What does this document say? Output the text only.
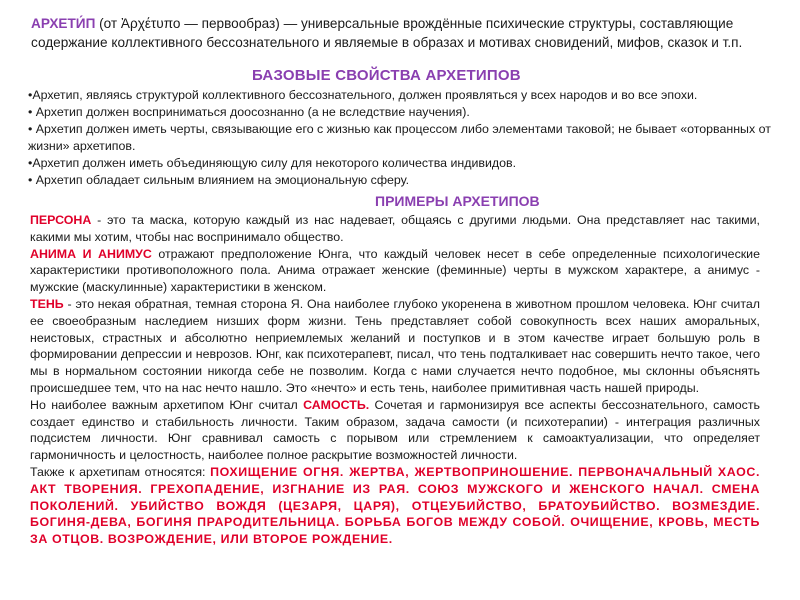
АРХЕТИ́П (от Ἀρχέτυπο — первообраз) — универсальные врождённые психические структуры, составляющие содержание коллективного бессознательного и являемые в образах и мотивах сновидений, мифов, сказок и т.п.
БАЗОВЫЕ СВОЙСТВА АРХЕТИПОВ
•Архетип, являясь структурой коллективного бессознательного, должен проявляться у всех народов и во все эпохи.
• Архетип должен восприниматься доосознанно (а не вследствие научения).
• Архетип должен иметь черты, связывающие его с жизнью как процессом либо элементами таковой; не бывает «оторванных от жизни» архетипов.
•Архетип должен иметь объединяющую силу для некоторого количества индивидов.
• Архетип обладает сильным влиянием на эмоциональную сферу.
ПРИМЕРЫ АРХЕТИПОВ

ПЕРСОНА - это та маска, которую каждый из нас надевает, общаясь с другими людьми. Она представляет нас такими, какими мы хотим, чтобы нас воспринимало общество.

АНИМА И АНИМУС отражают предположение Юнга, что каждый человек несет в себе определенные психологические характеристики противоположного пола. Анима отражает женские (феминные) черты в мужском характере, а анимус - мужские (маскулинные) характеристики в женском.

ТЕНЬ - это некая обратная, темная сторона Я. Она наиболее глубоко укоренена в животном прошлом человека. Юнг считал ее своеобразным наследием низших форм жизни. Тень представляет собой совокупность всех наших аморальных, неистовых, страстных и абсолютно неприемлемых желаний и поступков и в этом качестве играет большую роль в формировании депрессии и неврозов. Юнг, как психотерапевт, писал, что тень подталкивает нас совершить нечто такое, чего мы в нормальном состоянии никогда себе не позволим. Когда с нами случается нечто подобное, мы склонны объяснять происшедшее тем, что на нас нечто нашло. Это «нечто» и есть тень, наиболее примитивная часть нашей природы.

Но наиболее важным архетипом Юнг считал САМОСТЬ. Сочетая и гармонизируя все аспекты бессознательного, самость создает единство и стабильность личности. Таким образом, задача самости (и психотерапии) - интеграция различных подсистем личности. Юнг сравнивал самость с порывом или стремлением к самоактуализации, что определяет гармоничность и целостность, наиболее полное раскрытие возможностей личности.

Также к архетипам относятся: ПОХИЩЕНИЕ ОГНЯ. ЖЕРТВА, ЖЕРТВОПРИНОШЕНИЕ. ПЕРВОНАЧАЛЬНЫЙ ХАОС. АКТ ТВОРЕНИЯ. ГРЕХОПАДЕНИЕ, ИЗГНАНИЕ ИЗ РАЯ. СОЮЗ МУЖСКОГО И ЖЕНСКОГО НАЧАЛ. СМЕНА ПОКОЛЕНИЙ. УБИЙСТВО ВОЖДЯ (ЦЕЗАРЯ, ЦАРЯ), ОТЦЕУБИЙСТВО, БРАТОУБИЙСТВО. ВОЗМЕЗДИЕ. БОГИНЯ-ДЕВА, БОГИНЯ ПРАРОДИТЕЛЬНИЦА. БОРЬБА БОГОВ МЕЖДУ СОБОЙ. ОЧИЩЕНИЕ, КРОВЬ, МЕСТЬ ЗА ОТЦОВ. ВОЗРОЖДЕНИЕ, ИЛИ ВТОРОЕ РОЖДЕНИЕ.
